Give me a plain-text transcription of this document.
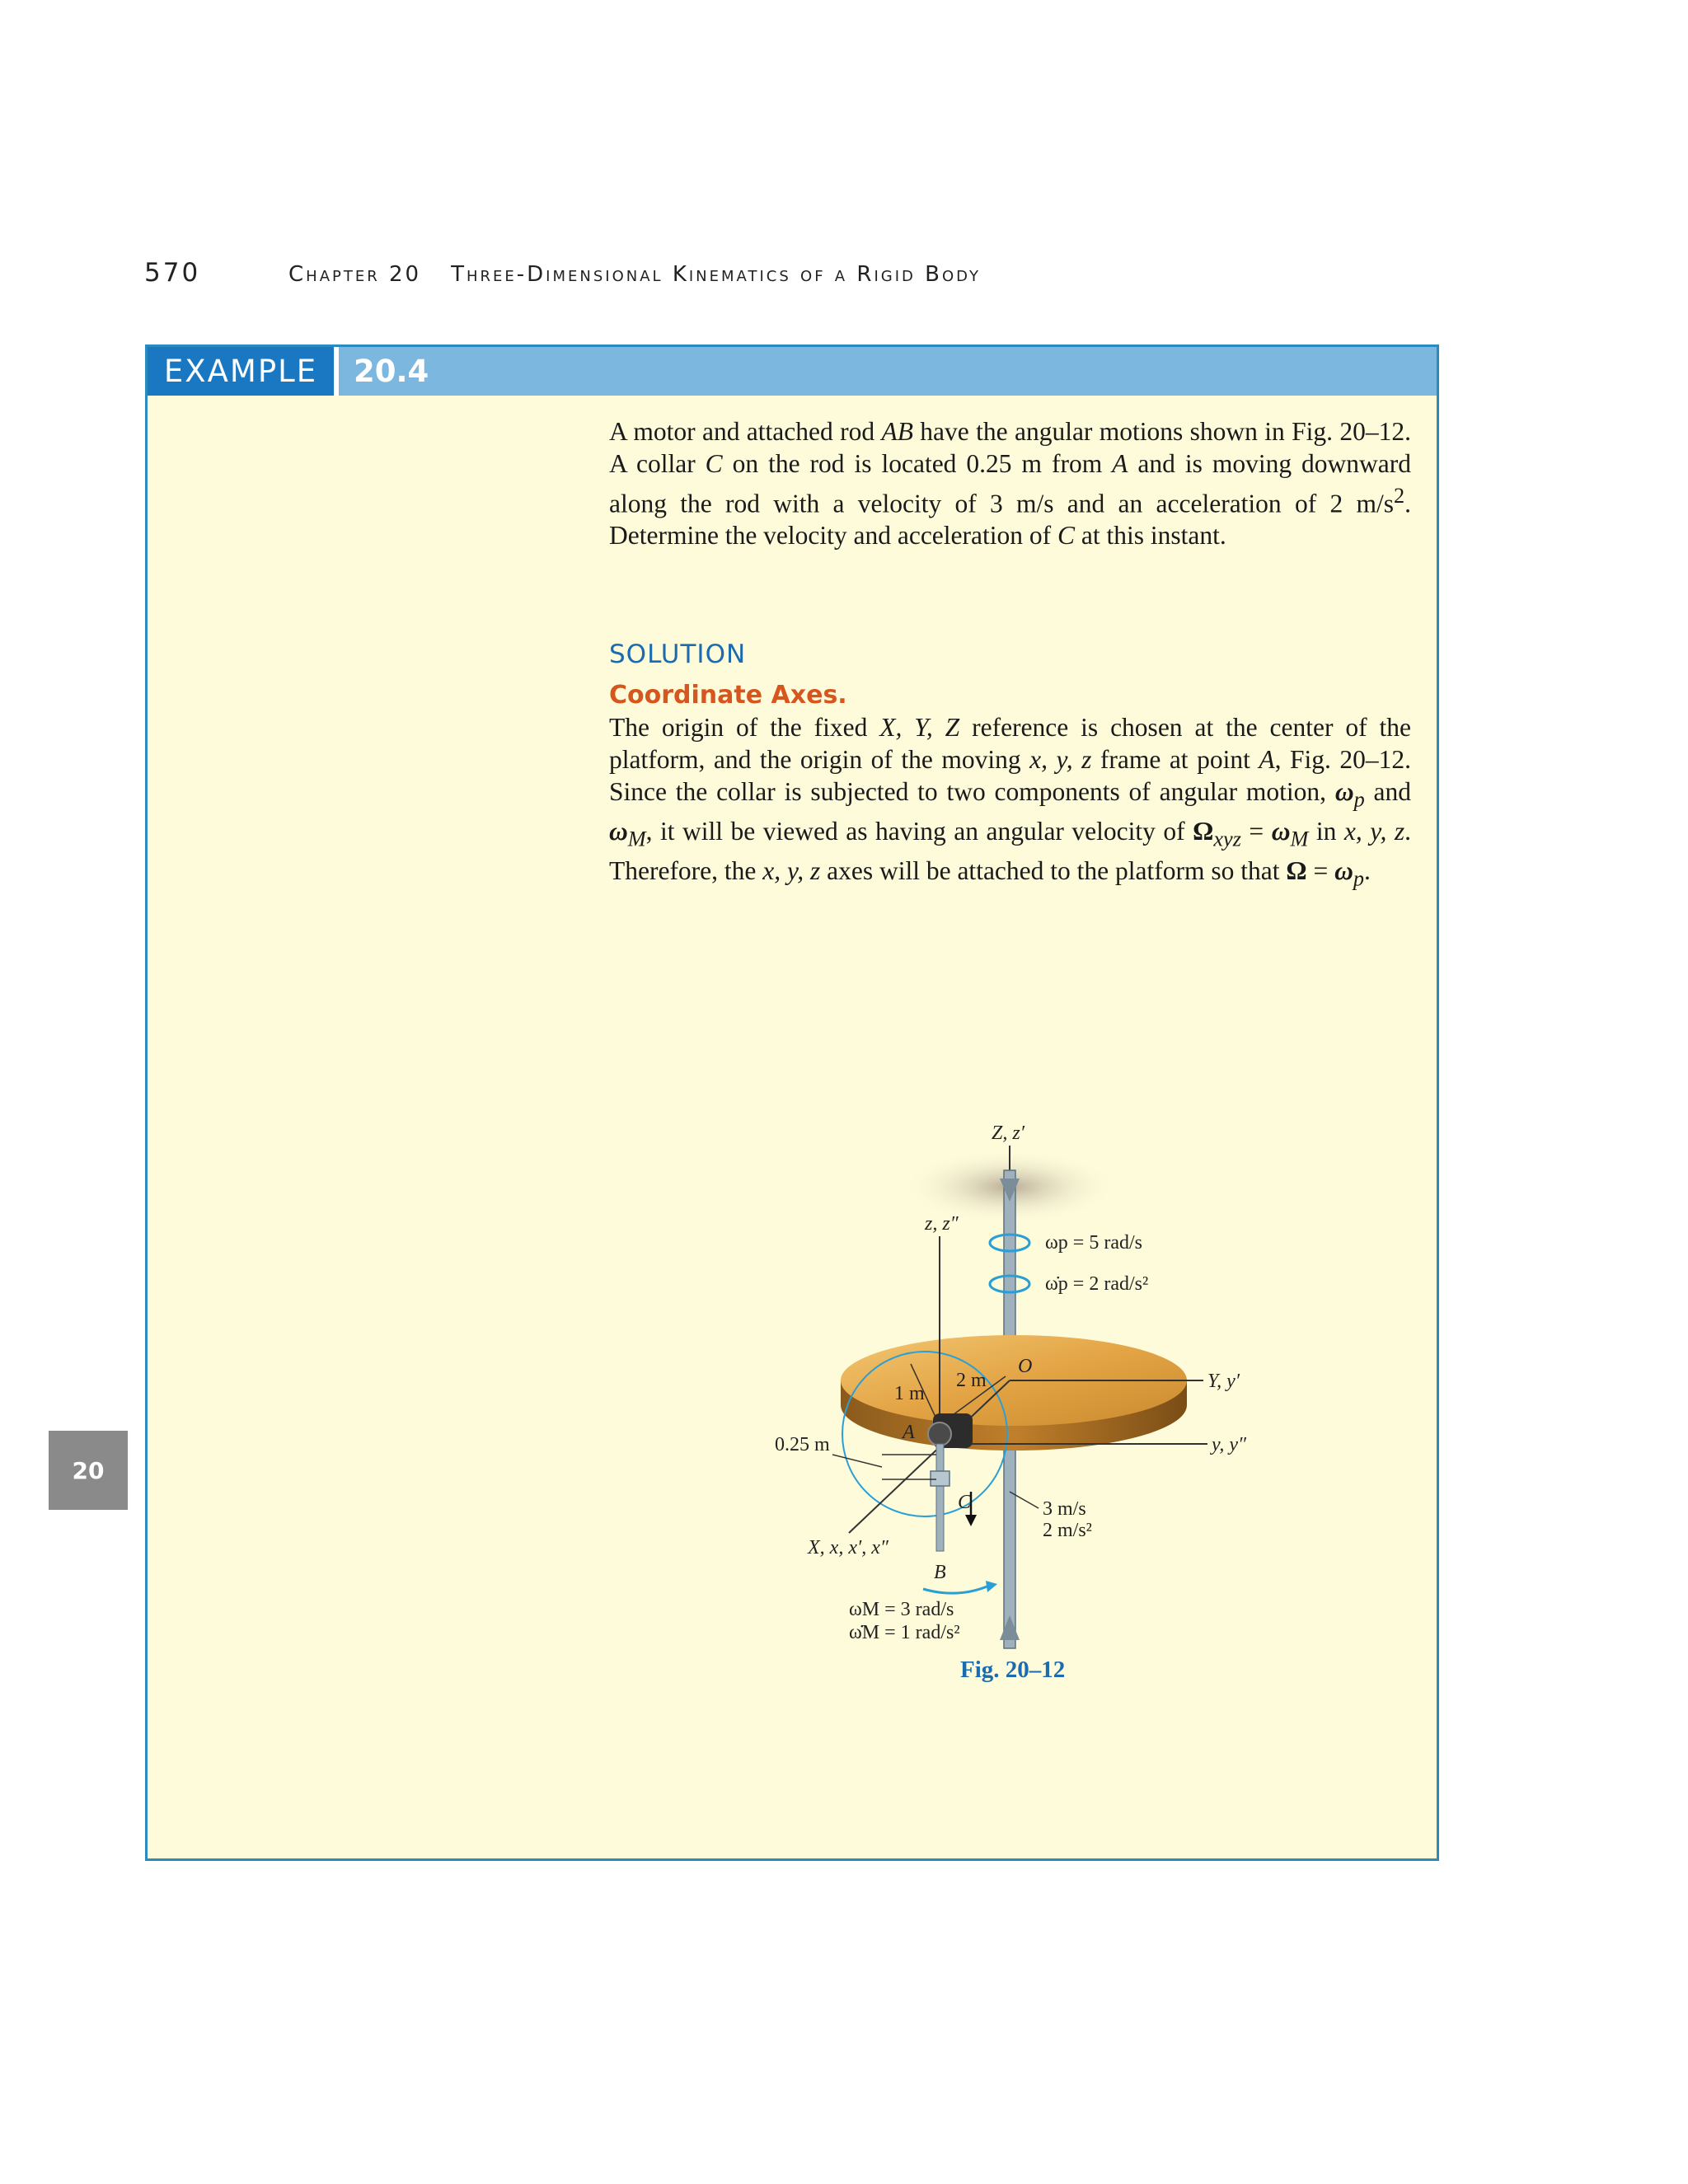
570	Chapter 20 Three-Dimensional Kinematics of a Rigid Body
EXAMPLE	20.4

A motor and attached rod AB have the angular motions shown in Fig. 20–12. A collar C on the rod is located 0.25 m from A and is moving downward along the rod with a velocity of 3 m/s and an acceleration of 2 $m/s^2$. Determine the velocity and acceleration of C at this instant.

SOLUTION
Coordinate Axes.

The origin of the fixed X, Y, Z reference is chosen at the center of the platform, and the origin of the moving x, y, z frame at point A, Fig. 20–12. Since the collar is subjected to two components of angular motion, $\omega_p$ and $\omega_M$, it will be viewed as having an angular velocity of $\Omega_{xyz} = \omega_M$ in x, y, z. Therefore, the x, y, z axes will be attached to the platform so that $\Omega = \omega_p$.

20
Z, z′
ωp = 5 rad/s
ω̇p = 2 rad/s²
Y, y′
O
z, z″
y, y″
X, x, x′, x″
1 m
2 m
A
B
C
0.25 m
3 m/s
2 m/s²
ωM = 3 rad/s
ω̇M = 1 rad/s²
Fig. 20–12
